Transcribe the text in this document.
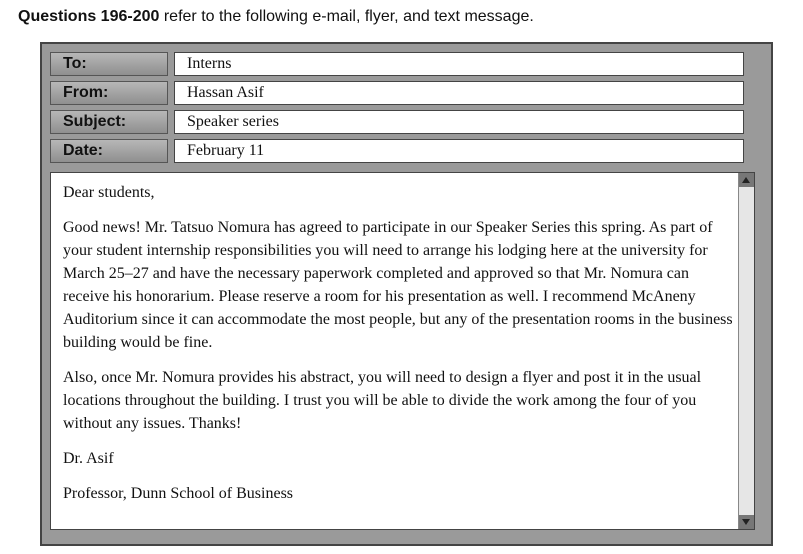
Questions 196-200 refer to the following e-mail, flyer, and text message.
To:	Interns
From:	Hassan Asif
Subject:	Speaker series
Date:	February 11

Dear students,

Good news! Mr. Tatsuo Nomura has agreed to participate in our Speaker Series this spring. As part of your student internship responsibilities you will need to arrange his lodging here at the university for March 25–27 and have the necessary paperwork completed and approved so that Mr. Nomura can receive his honorarium. Please reserve a room for his presentation as well. I recommend McAneny Auditorium since it can accommodate the most people, but any of the presentation rooms in the business building would be fine.

Also, once Mr. Nomura provides his abstract, you will need to design a flyer and post it in the usual locations throughout the building. I trust you will be able to divide the work among the four of you without any issues. Thanks!

Dr. Asif

Professor, Dunn School of Business
